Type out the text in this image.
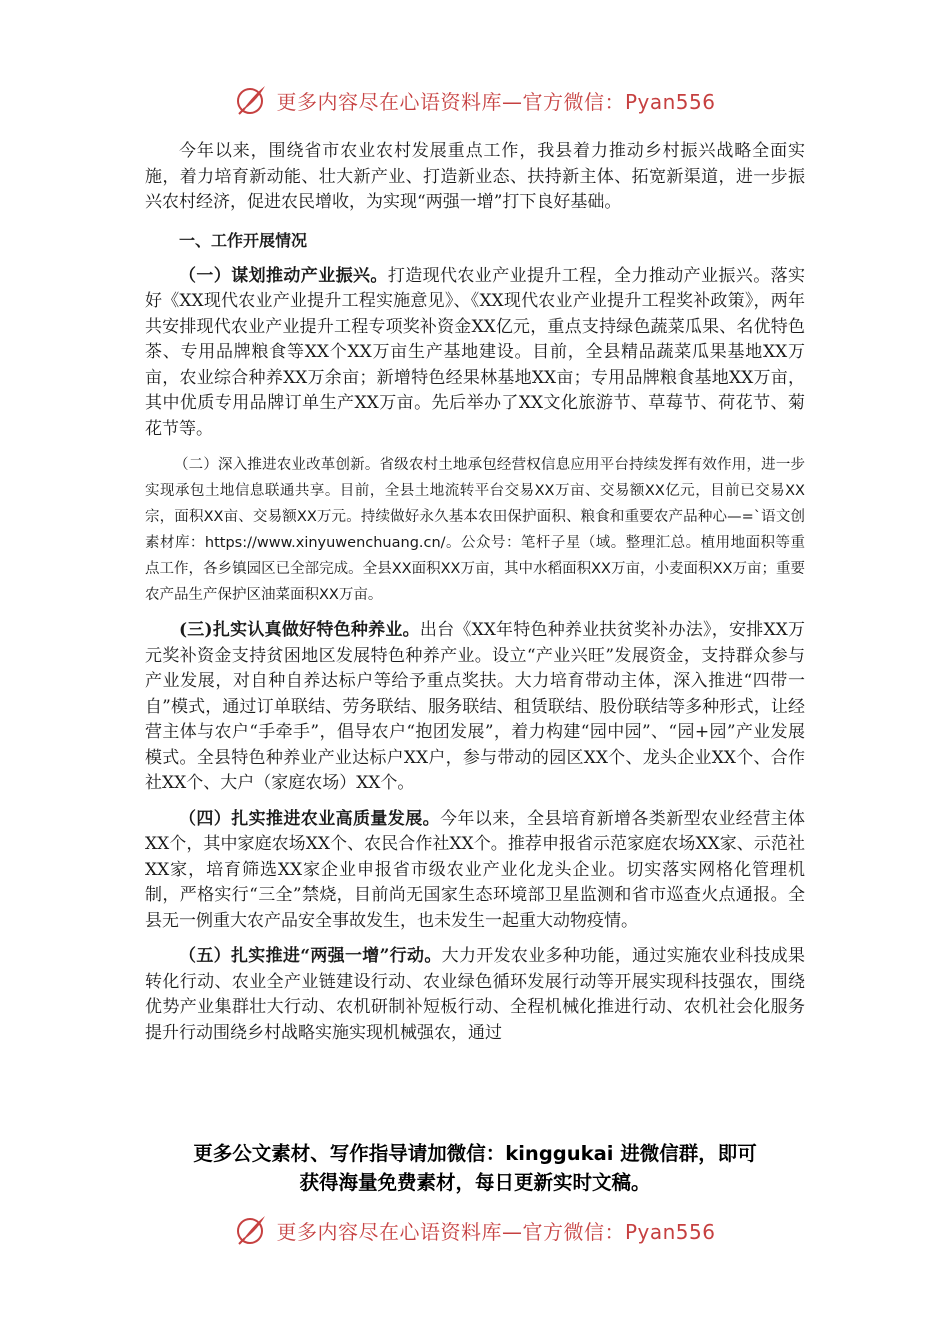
更多内容尽在心语资料库—官方微信：Pyan556

今年以来，围绕省市农业农村发展重点工作，我县着力推动乡村振兴战略全面实施，着力培育新动能、壮大新产业、打造新业态、扶持新主体、拓宽新渠道，进一步振兴农村经济，促进农民增收，为实现“两强一增”打下良好基础。

一、工作开展情况

（一）谋划推动产业振兴。打造现代农业产业提升工程，全力推动产业振兴。落实好《XX现代农业产业提升工程实施意见》、《XX现代农业产业提升工程奖补政策》，两年共安排现代农业产业提升工程专项奖补资金XX亿元，重点支持绿色蔬菜瓜果、名优特色茶、专用品牌粮食等XX个XX万亩生产基地建设。目前，全县精品蔬菜瓜果基地XX万亩，农业综合种养XX万余亩；新增特色经果林基地XX亩；专用品牌粮食基地XX万亩，其中优质专用品牌订单生产XX万亩。先后举办了XX文化旅游节、草莓节、荷花节、菊花节等。

（二）深入推进农业改革创新。省级农村土地承包经营权信息应用平台持续发挥有效作用，进一步实现承包土地信息联通共享。目前，全县土地流转平台交易XX万亩、交易额XX亿元，目前已交易XX宗，面积XX亩、交易额XX万元。持续做好永久基本农田保护面积、粮食和重要农产品种心—=`语文创素材库：https://www.xinyuwenchuang.cn/。公众号：笔杆子星（域。整理汇总。植用地面积等重点工作，各乡镇园区已全部完成。全县XX面积XX万亩，其中水稻面积XX万亩，小麦面积XX万亩；重要农产品生产保护区油菜面积XX万亩。

(三)扎实认真做好特色种养业。出台《XX年特色种养业扶贫奖补办法》，安排XX万元奖补资金支持贫困地区发展特色种养产业。设立“产业兴旺”发展资金，支持群众参与产业发展，对自种自养达标户等给予重点奖扶。大力培育带动主体，深入推进“四带一自”模式，通过订单联结、劳务联结、服务联结、租赁联结、股份联结等多种形式，让经营主体与农户“手牵手”，倡导农户“抱团发展”，着力构建“园中园”、“园+园”产业发展模式。全县特色种养业产业达标户XX户，参与带动的园区XX个、龙头企业XX个、合作社XX个、大户（家庭农场）XX个。

（四）扎实推进农业高质量发展。今年以来，全县培育新增各类新型农业经营主体XX个，其中家庭农场XX个、农民合作社XX个。推荐申报省示范家庭农场XX家、示范社XX家，培育筛选XX家企业申报省市级农业产业化龙头企业。切实落实网格化管理机制，严格实行“三全”禁烧，目前尚无国家生态环境部卫星监测和省市巡查火点通报。全县无一例重大农产品安全事故发生，也未发生一起重大动物疫情。

（五）扎实推进“两强一增”行动。大力开发农业多种功能，通过实施农业科技成果转化行动、农业全产业链建设行动、农业绿色循环发展行动等开展实现科技强农，围绕优势产业集群壮大行动、农机研制补短板行动、全程机械化推进行动、农机社会化服务提升行动围绕乡村战略实施实现机械强农，通过

更多公文素材、写作指导请加微信：kinggukai 进微信群，即可
获得海量免费素材，每日更新实时文稿。
更多内容尽在心语资料库—官方微信：Pyan556
